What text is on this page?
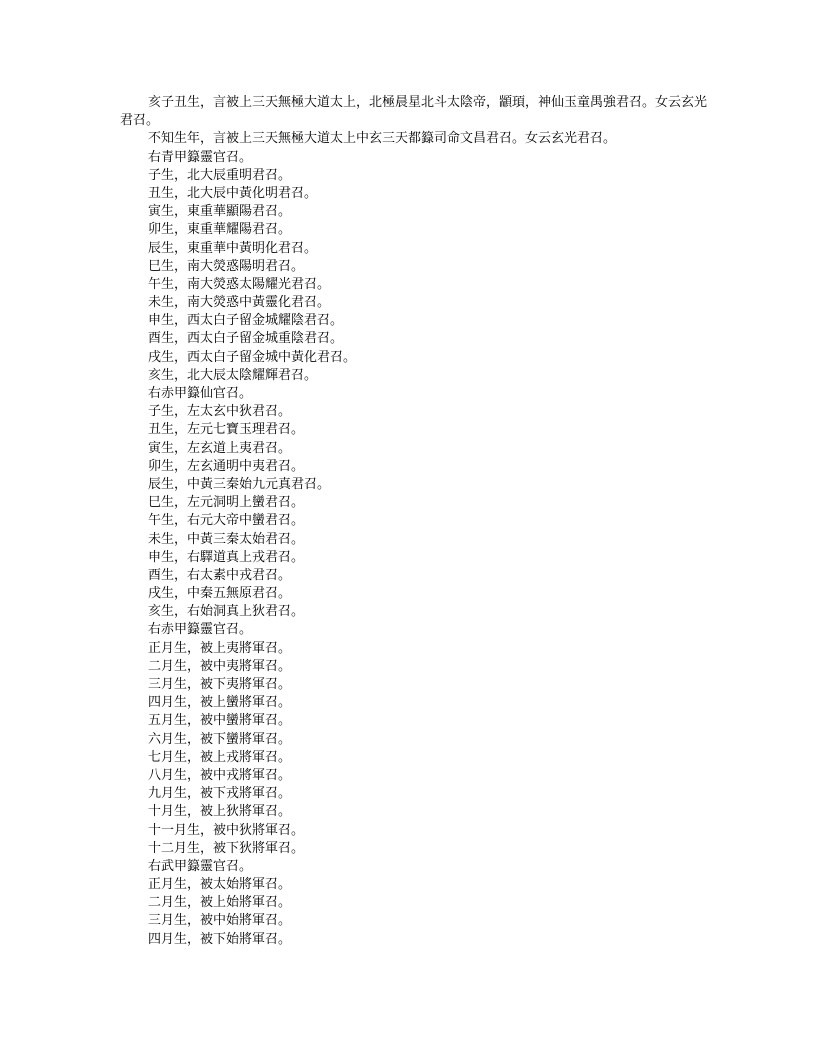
亥子丑生，言被上三天無極大道太上，北極晨星北斗太陰帝，顓頊，神仙玉童禺強君召。女云玄光君召。

不知生年，言被上三天無極大道太上中玄三天都籙司命文昌君召。女云玄光君召。

右青甲籙靈官召。

子生，北大辰重明君召。

丑生，北大辰中黃化明君召。

寅生，東重華顯陽君召。

卯生，東重華耀陽君召。

辰生，東重華中黃明化君召。

巳生，南大熒惑陽明君召。

午生，南大熒惑太陽耀光君召。

未生，南大熒惑中黃靈化君召。

申生，西太白子留金城耀陰君召。

酉生，西太白子留金城重陰君召。

戌生，西太白子留金城中黃化君召。

亥生，北大辰太陰耀輝君召。

右赤甲籙仙官召。

子生，左太玄中狄君召。

丑生，左元七寶玉理君召。

寅生，左玄道上夷君召。

卯生，左玄通明中夷君召。

辰生，中黃三秦始九元真君召。

巳生，左元洞明上蠻君召。

午生，右元大帝中蠻君召。

未生，中黃三秦太始君召。

申生，右驛道真上戎君召。

酉生，右太素中戎君召。

戌生，中秦五無原君召。

亥生，右始洞真上狄君召。

右赤甲籙靈官召。

正月生，被上夷將軍召。

二月生，被中夷將軍召。

三月生，被下夷將軍召。

四月生，被上蠻將軍召。

五月生，被中蠻將軍召。

六月生，被下蠻將軍召。

七月生，被上戎將軍召。

八月生，被中戎將軍召。

九月生，被下戎將軍召。

十月生，被上狄將軍召。

十一月生，被中狄將軍召。

十二月生，被下狄將軍召。

右武甲籙靈官召。

正月生，被太始將軍召。

二月生，被上始將軍召。

三月生，被中始將軍召。

四月生，被下始將軍召。
